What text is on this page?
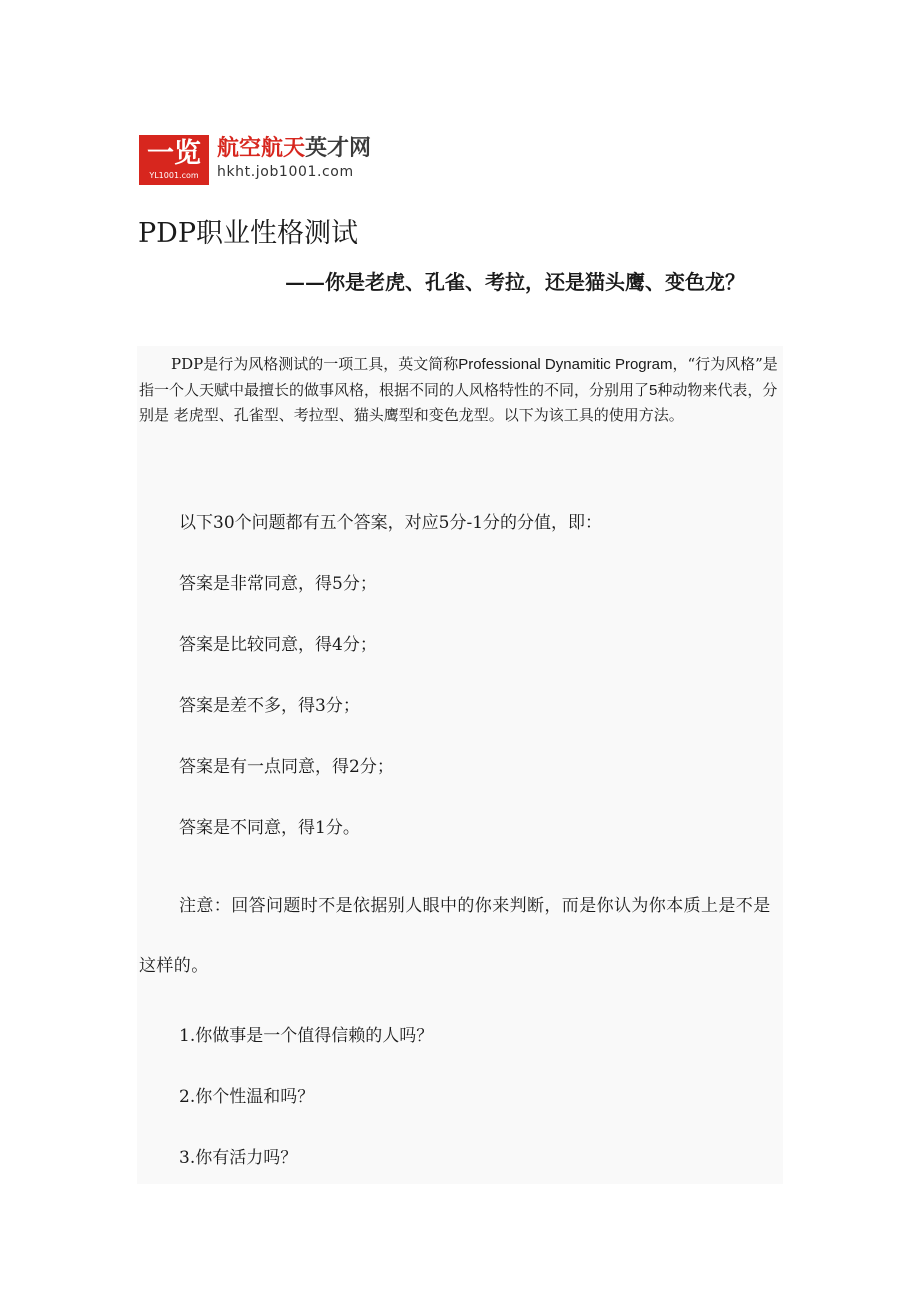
一览
YL1001.com
航空航天英才网
hkht.job1001.com
PDP职业性格测试
——你是老虎、孔雀、考拉，还是猫头鹰、变色龙？
PDP是行为风格测试的一项工具，英文简称Professional Dynamitic Program，“行为风格”是指一个人天赋中最擅长的做事风格，根据不同的人风格特性的不同，分别用了5种动物来代表，分别是 老虎型、孔雀型、考拉型、猫头鹰型和变色龙型。以下为该工具的使用方法。
以下30个问题都有五个答案，对应5分-1分的分值，即：
答案是非常同意，得5分；
答案是比较同意，得4分；
答案是差不多，得3分；
答案是有一点同意，得2分；
答案是不同意，得1分。
注意：回答问题时不是依据别人眼中的你来判断，而是你认为你本质上是不是这样的。
1.你做事是一个值得信赖的人吗？
2.你个性温和吗？
3.你有活力吗？
